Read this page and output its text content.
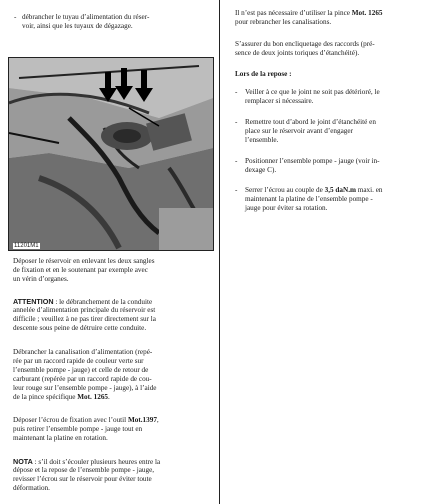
- débrancher le tuyau d’alimentation du réser-

voir, ainsi que les tuyaux de dégazage.

11201M1

Déposer le réservoir en enlevant les deux sangles

de fixation et en le soutenant par exemple avec

un vérin d’organes.

ATTENTION : le débranchement de la conduite

annelée d’alimentation principale du réservoir est

difficile ; veuillez à ne pas tirer directement sur la

descente sous peine de détruire cette conduite.

Débrancher la canalisation d’alimentation (repé-

rée par un raccord rapide de couleur verte sur

l’ensemble pompe - jauge) et celle de retour de

carburant (repérée par un raccord rapide de cou-

leur rouge sur l’ensemble pompe - jauge), à l’aide

de la pince spécifique Mot. 1265.

Déposer l’écrou de fixation avec l’outil Mot.1397,

puis retirer l’ensemble pompe - jauge tout en

maintenant la platine en rotation.

NOTA : s’il doit s’écouler plusieurs heures entre la

dépose et la repose de l’ensemble pompe - jauge,

revisser l’écrou sur le réservoir pour éviter toute

déformation.

Il n’est pas nécessaire d’utiliser la pince Mot. 1265

pour rebrancher les canalisations.

S’assurer du bon encliquetage des raccords (pré-

sence de deux joints toriques d’étanchéité).

Lors de la repose :

- Veiller à ce que le joint ne soit pas détérioré, le

remplacer si nécessaire.

- Remettre tout d’abord le joint d’étanchéité en

place sur le réservoir avant d’engager

l’ensemble.

- Positionner l’ensemble pompe - jauge (voir in-

dexage C).

- Serrer l’écrou au couple de 3,5 daN.m maxi. en

maintenant la platine de l’ensemble pompe -

jauge pour éviter sa rotation.
